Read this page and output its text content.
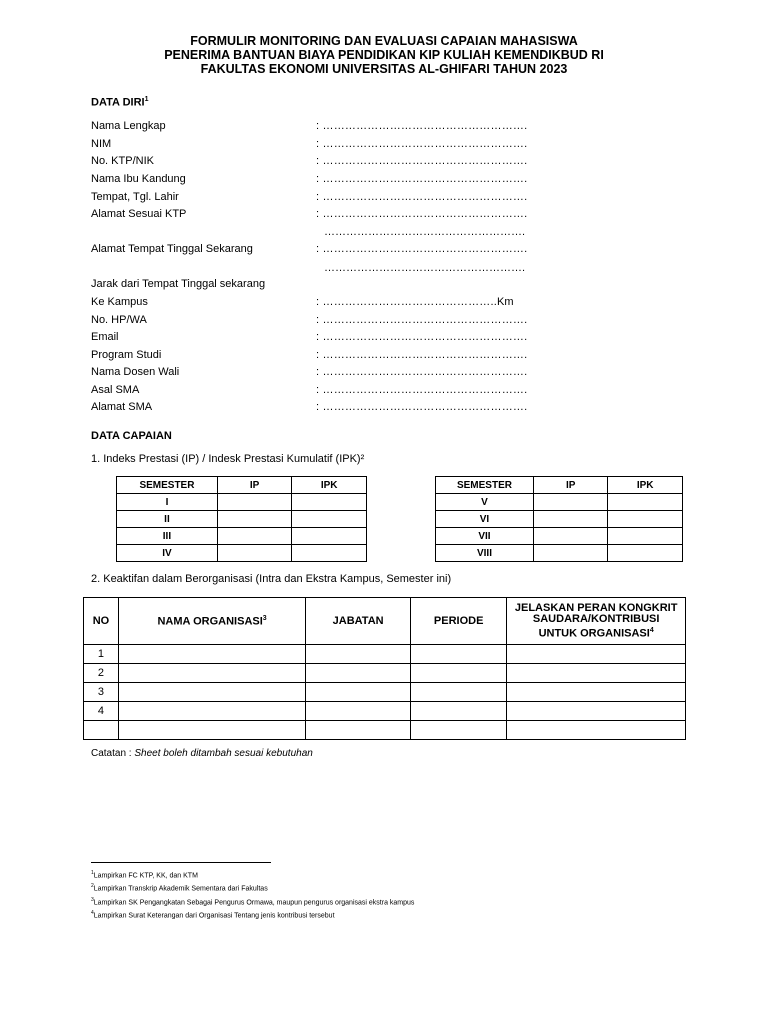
FORMULIR MONITORING DAN EVALUASI CAPAIAN MAHASISWA
PENERIMA BANTUAN BIAYA PENDIDIKAN KIP KULIAH KEMENDIKBUD RI
FAKULTAS EKONOMI UNIVERSITAS AL-GHIFARI TAHUN 2023
DATA DIRI$^1$
Nama Lengkap	: ……………………………………………….
NIM	: ……………………………………………….
No. KTP/NIK	: ……………………………………………….
Nama Ibu Kandung	: ……………………………………………….
Tempat, Tgl. Lahir	: ……………………………………………….
Alamat Sesuai KTP	: ……………………………………………….
……………………………………………….
Alamat Tempat Tinggal Sekarang	: ……………………………………………….
……………………………………………….
Jarak dari Tempat Tinggal sekarang
Ke Kampus	: ………………………………………..Km
No. HP/WA	: ……………………………………………….
Email	: ……………………………………………….
Program Studi	: ……………………………………………….
Nama Dosen Wali	: ……………………………………………….
Asal SMA	: ……………………………………………….
Alamat SMA	: ……………………………………………….
DATA CAPAIAN
1. Indeks Prestasi (IP) / Indesk Prestasi Kumulatif (IPK)²
SEMESTER	IP	IPK
I		
II		
III		
IV		
SEMESTER	IP	IPK
V		
VI		
VII		
VIII		
2. Keaktifan dalam Berorganisasi (Intra dan Ekstra Kampus, Semester ini)
NO	NAMA ORGANISASI$^3$	JABATAN	PERIODE	JELASKAN PERAN KONGKRIT SAUDARA/KONTRIBUSI UNTUK ORGANISASI$^4$
1				
2				
3				
4				

Catatan : Sheet boleh ditambah sesuai kebutuhan
$^1$Lampirkan FC KTP, KK, dan KTM
$^2$Lampirkan Transkrip Akademik Sementara dari Fakultas
$^3$Lampirkan SK Pengangkatan Sebagai Pengurus Ormawa, maupun pengurus organisasi ekstra kampus
$^4$Lampirkan Surat Keterangan dari Organisasi Tentang jenis kontribusi tersebut
